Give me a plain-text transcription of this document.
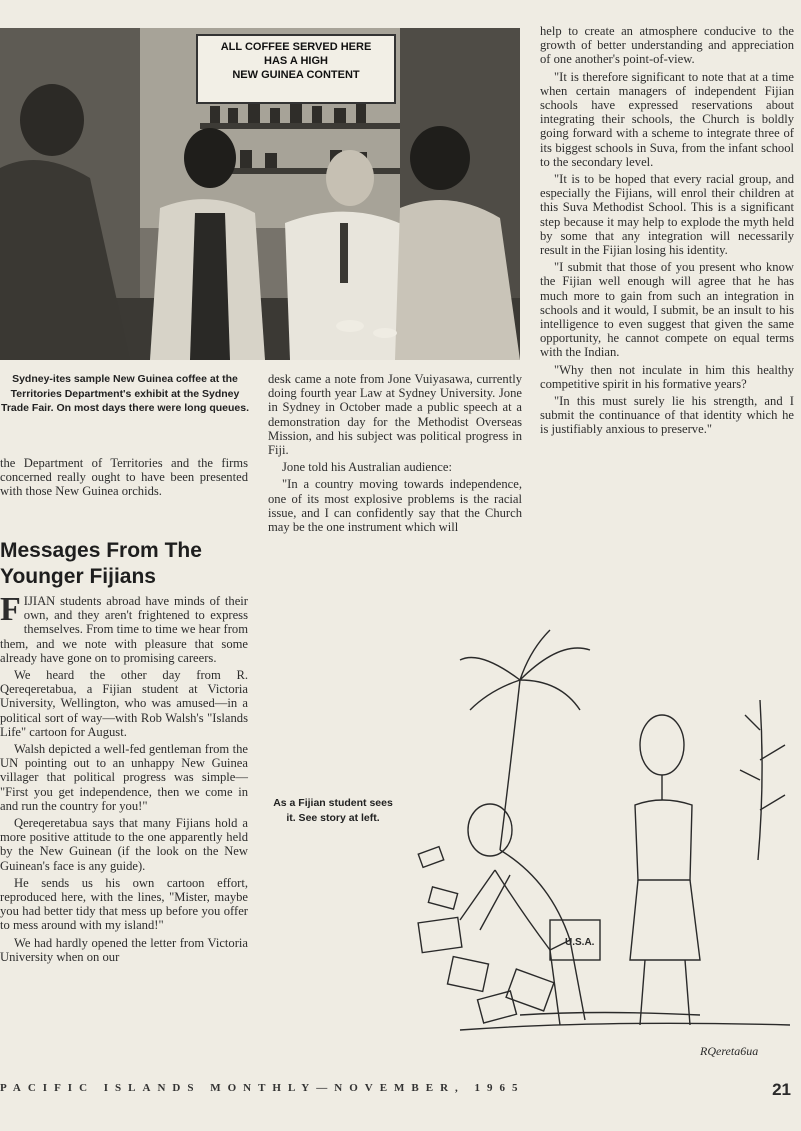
ALL COFFEE SERVED HERE
HAS A HIGH
NEW GUINEA CONTENT
Sydney-ites sample New Guinea coffee at the Territories Department's exhibit at the Sydney Trade Fair. On most days there were long queues.

the Department of Territories and the firms concerned really ought to have been presented with those New Guinea orchids.

Messages From The Younger Fijians

FIJIAN students abroad have minds of their own, and they aren't frightened to express themselves. From time to time we hear from them, and we note with pleasure that some already have gone on to promising careers.

We heard the other day from R. Qereqeretabua, a Fijian student at Victoria University, Wellington, who was amused—in a political sort of way—with Rob Walsh's "Islands Life" cartoon for August.

Walsh depicted a well-fed gentleman from the UN pointing out to an unhappy New Guinea villager that political progress was simple— "First you get independence, then we come in and run the country for you!"

Qereqeretabua says that many Fijians hold a more positive attitude to the one apparently held by the New Guinean (if the look on the New Guinean's face is any guide).

He sends us his own cartoon effort, reproduced here, with the lines, "Mister, maybe you had better tidy that mess up before you offer to mess around with my island!"

We had hardly opened the letter from Victoria University when on our

desk came a note from Jone Vuiyasawa, currently doing fourth year Law at Sydney University. Jone in Sydney in October made a public speech at a demonstration day for the Methodist Overseas Mission, and his subject was political progress in Fiji.

Jone told his Australian audience:

"In a country moving towards independence, one of its most explosive problems is the racial issue, and I can confidently say that the Church may be the one instrument which will

help to create an atmosphere conducive to the growth of better understanding and appreciation of one another's point-of-view.

"It is therefore significant to note that at a time when certain managers of independent Fijian schools have expressed reservations about integrating their schools, the Church is boldly going forward with a scheme to integrate three of its biggest schools in Suva, from the infant school to the secondary level.

"It is to be hoped that every racial group, and especially the Fijians, will enrol their children at this Suva Methodist School. This is a significant step because it may help to explode the myth held by some that any integration will necessarily result in the Fijian losing his identity.

"I submit that those of you present who know the Fijian well enough will agree that he has much more to gain from such an integration in schools and it would, I submit, be an insult to his intelligence to even suggest that given the same opportunity, he cannot compete on equal terms with the Indian.

"Why then not inculate in him this healthy competitive spirit in his formative years?

"In this must surely lie his strength, and I submit the continuance of that identity which he is justifiably anxious to preserve."

As a Fijian student sees it. See story at left.
U.S.A.
RQereta6ua
PACIFIC ISLANDS MONTHLY—NOVEMBER, 1965	21
